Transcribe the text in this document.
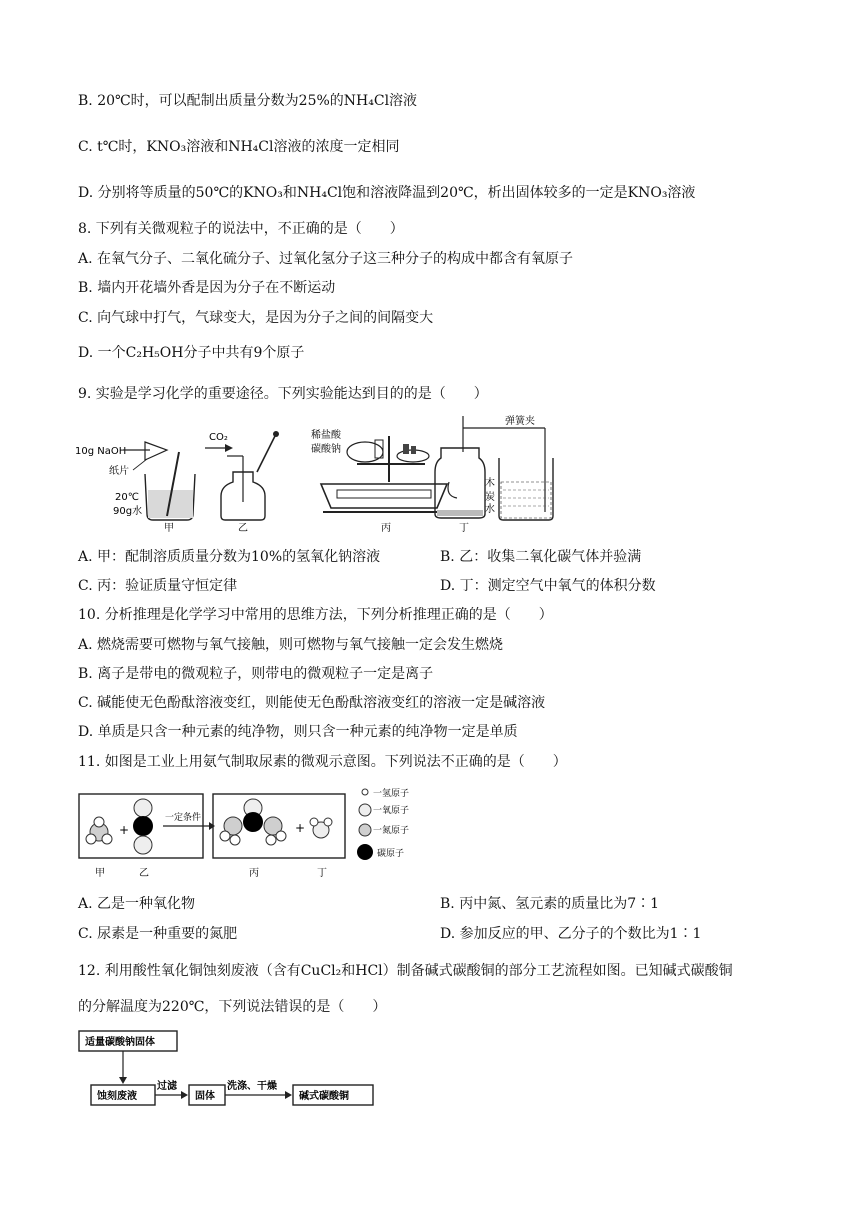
B. 20℃时，可以配制出质量分数为25%的NH₄Cl溶液
C. t℃时，KNO₃溶液和NH₄Cl溶液的浓度一定相同
D. 分别将等质量的50℃的KNO₃和NH₄Cl饱和溶液降温到20℃，析出固体较多的一定是KNO₃溶液
8. 下列有关微观粒子的说法中，不正确的是（　　）
A. 在氧气分子、二氧化硫分子、过氧化氢分子这三种分子的构成中都含有氧原子
B. 墙内开花墙外香是因为分子在不断运动
C. 向气球中打气，气球变大，是因为分子之间的间隔变大
D. 一个C₂H₅OH分子中共有9个原子
9. 实验是学习化学的重要途径。下列实验能达到目的的是（　　）
10g NaOH
纸片
20℃
90g水
甲
CO₂
乙
稀盐酸
碳酸钠
丙
弹簧夹
木
炭
水
丁
A. 甲：配制溶质质量分数为10%的氢氧化钠溶液	B. 乙：收集二氧化碳气体并验满
C. 丙：验证质量守恒定律	D. 丁：测定空气中氧气的体积分数
10. 分析推理是化学学习中常用的思维方法，下列分析推理正确的是（　　）
A. 燃烧需要可燃物与氧气接触，则可燃物与氧气接触一定会发生燃烧
B. 离子是带电的微观粒子，则带电的微观粒子一定是离子
C. 碱能使无色酚酞溶液变红，则能使无色酚酞溶液变红的溶液一定是碱溶液
D. 单质是只含一种元素的纯净物，则只含一种元素的纯净物一定是单质
11. 如图是工业上用氨气制取尿素的微观示意图。下列说法不正确的是（　　）
+
一定条件
+
一氢原子
一氧原子
一氮原子
碳原子
甲	乙	丙	丁
A. 乙是一种氧化物	B. 丙中氮、氢元素的质量比为7∶1
C. 尿素是一种重要的氮肥	D. 参加反应的甲、乙分子的个数比为1∶1
12. 利用酸性氧化铜蚀刻废液（含有CuCl₂和HCl）制备碱式碳酸铜的部分工艺流程如图。已知碱式碳酸铜
的分解温度为220℃，下列说法错误的是（　　）
适量碳酸钠固体
蚀刻废液
过滤
固体
洗涤、干燥
碱式碳酸铜
